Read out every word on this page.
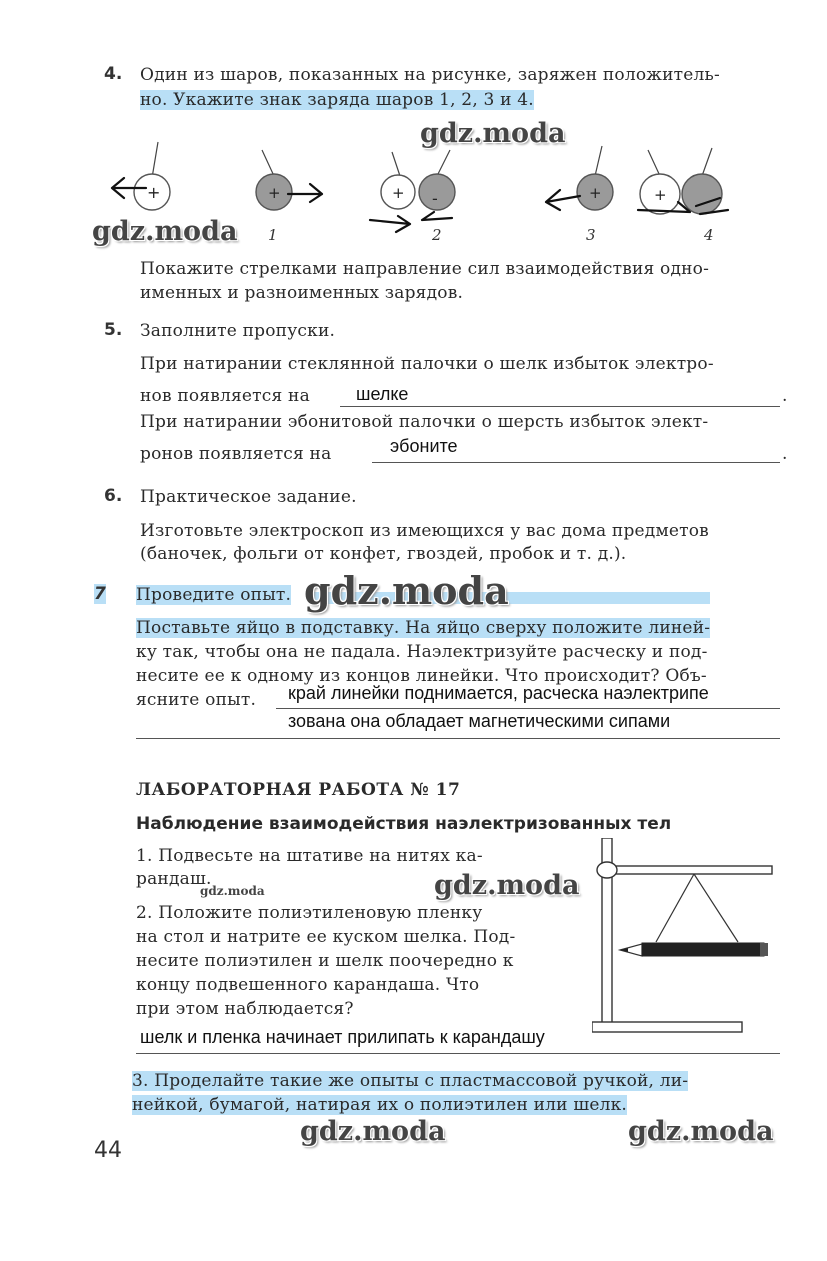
4. Один из шаров, показанных на рисунке, заряжен положитель-
но. Укажите знак заряда шаров 1, 2, 3 и 4.
+	+	+ -	+	+
1	2	3	4
Покажите стрелками направление сил взаимодействия одно-
именных и разноименных зарядов.
5. Заполните пропуски.
При натирании стеклянной палочки о шелк избыток электро-
нов появляется на	шелке	.
При натирании эбонитовой палочки о шерсть избыток элект-
ронов появляется на	эбоните	.
6. Практическое задание.
Изготовьте электроскоп из имеющихся у вас дома предметов
(баночек, фольги от конфет, гвоздей, пробок и т. д.).
7 Проведите опыт.
Поставьте яйцо в подставку. На яйцо сверху положите линей-
ку так, чтобы она не падала. Наэлектризуйте расческу и под-
несите ее к одному из концов линейки. Что происходит? Объ-
ясните опыт. край линейки поднимается, расческа наэлектрипе
зована она обладает магнетическими сипами
ЛАБОРАТОРНАЯ РАБОТА № 17
Наблюдение взаимодействия наэлектризованных тел
1. Подвесьте на штативе на нитях ка-
рандаш.
2. Положите полиэтиленовую пленку
на стол и натрите ее куском шелка. Под-
несите полиэтилен и шелк поочередно к
концу подвешенного карандаша. Что
при этом наблюдается?
шелк и пленка начинает прилипать к карандашу
3. Проделайте такие же опыты с пластмассовой ручкой, ли-
нейкой, бумагой, натирая их о полиэтилен или шелк.
44
gdz.moda
gdz.moda
gdz.moda
gdz.moda	gdz.moda
gdz.moda	gdz.moda
